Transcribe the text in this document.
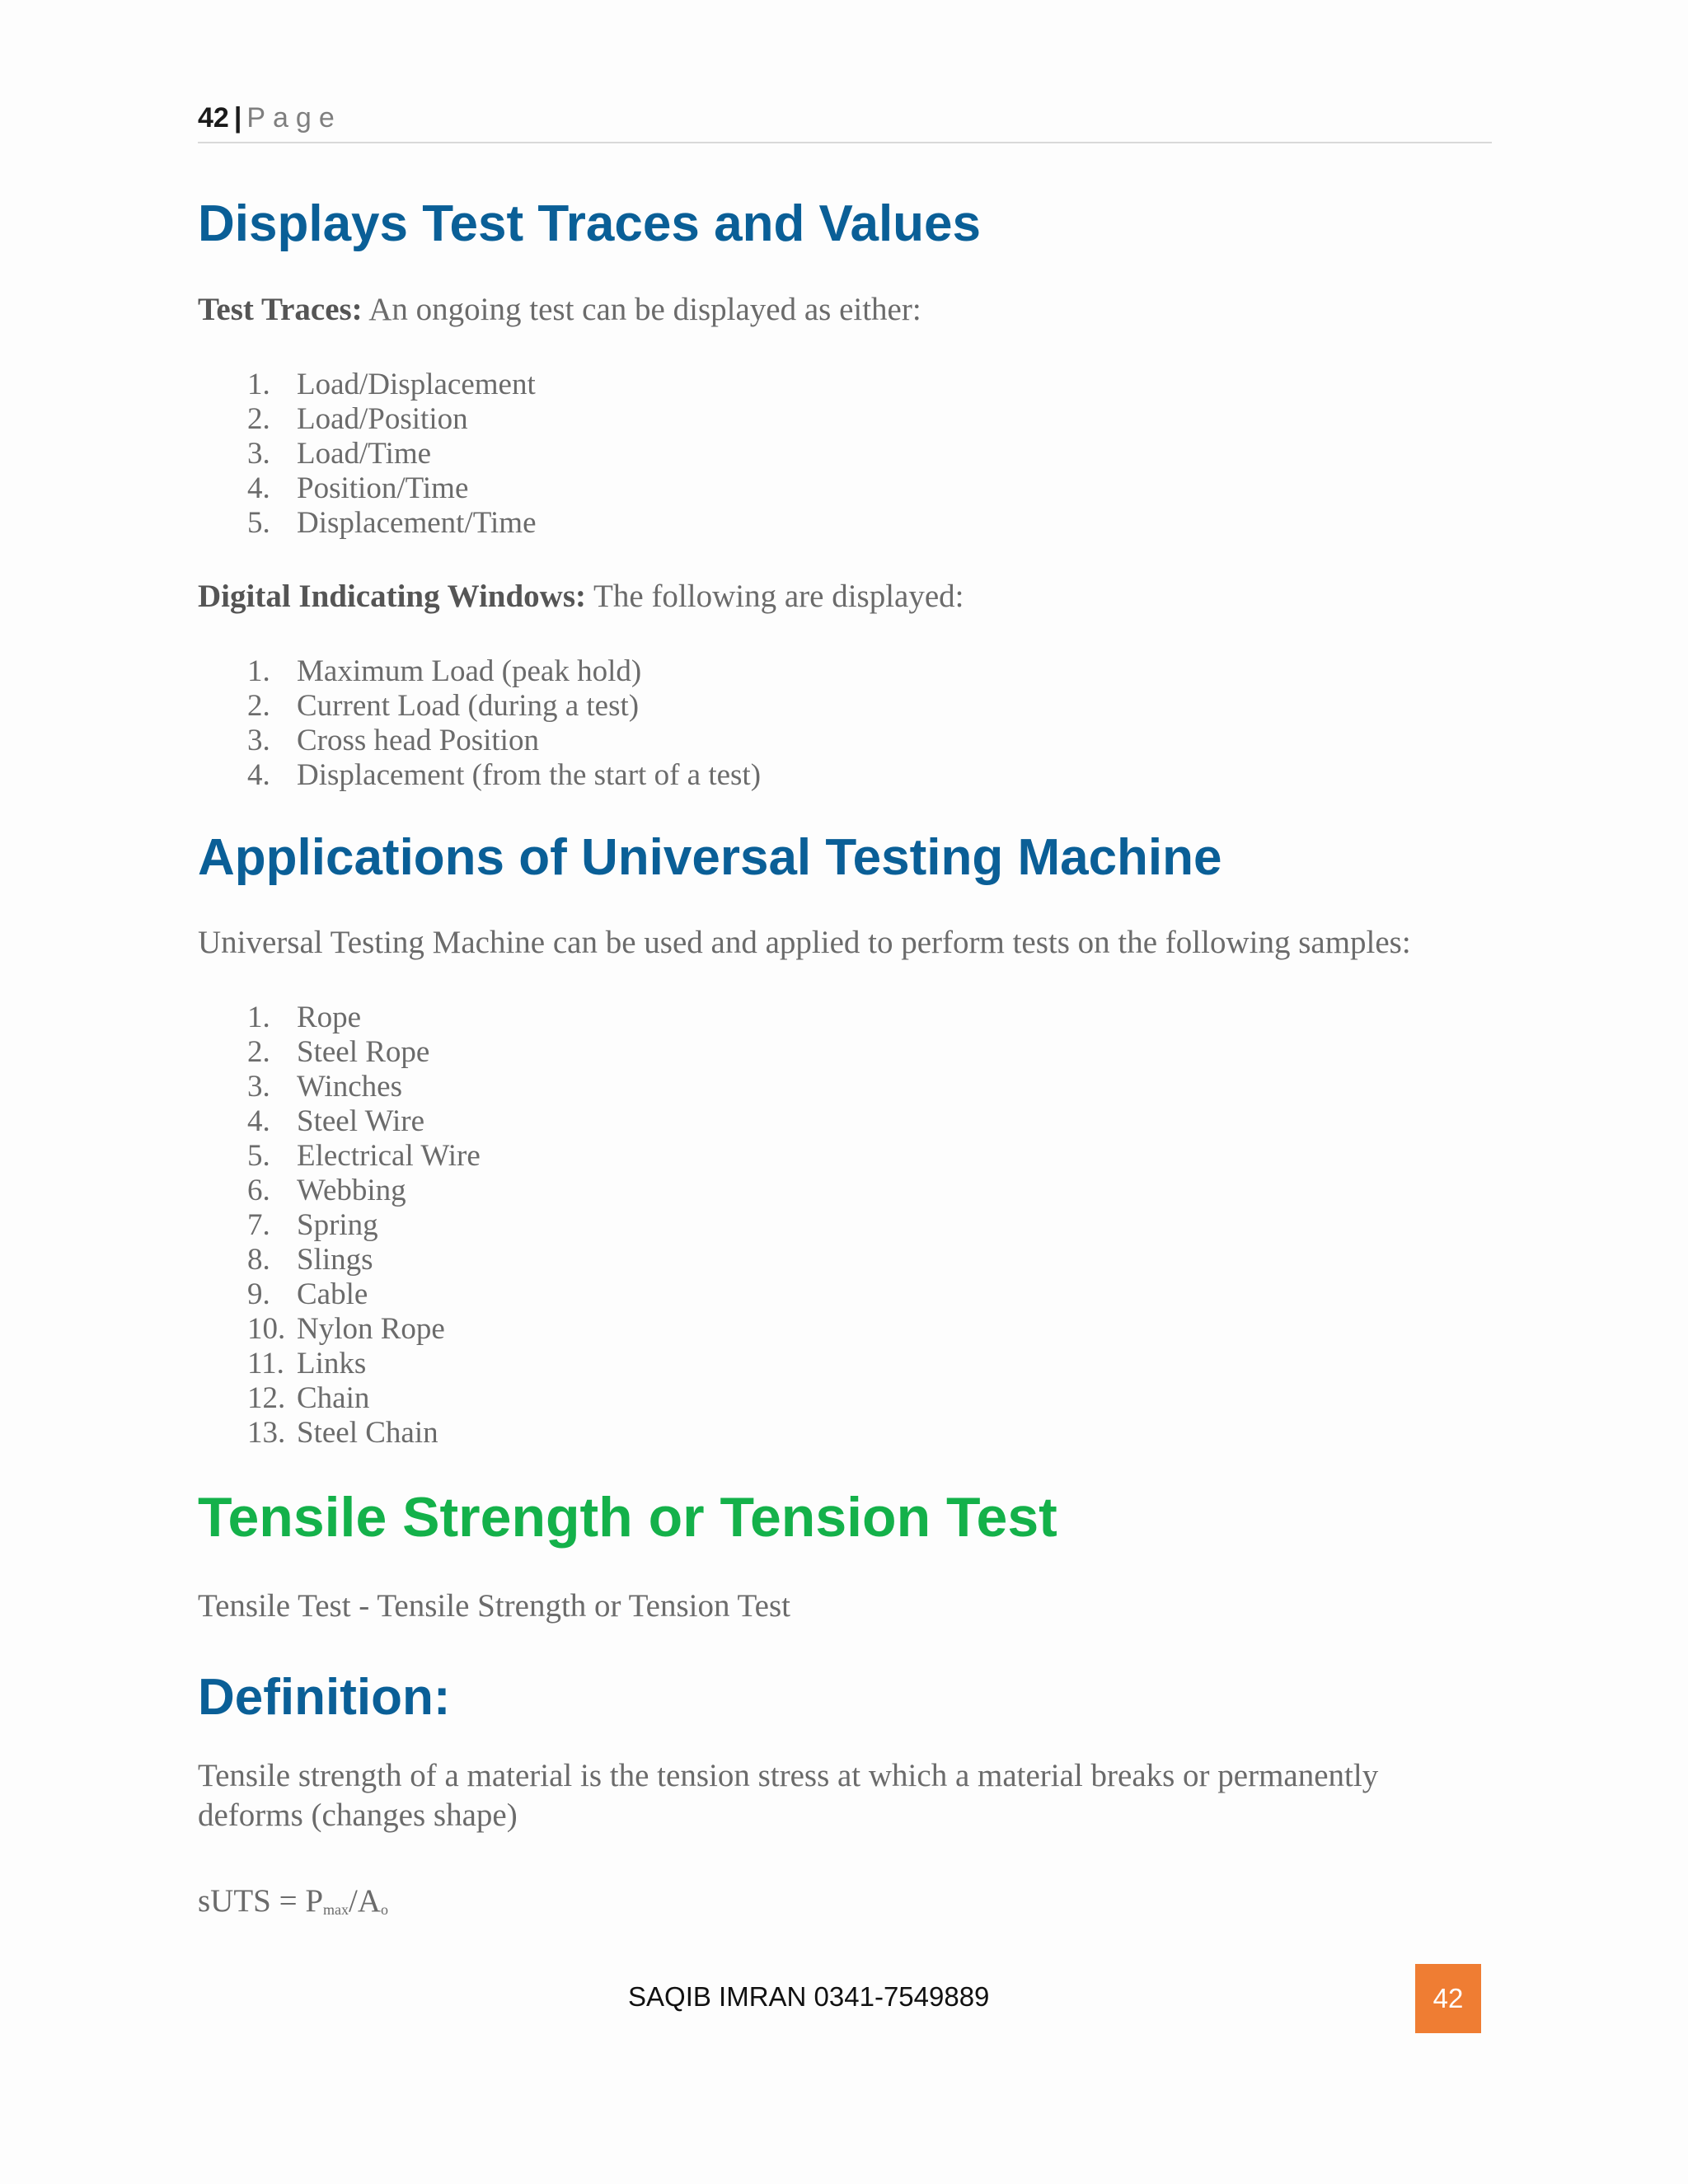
42 | Page
Displays Test Traces and Values

Test Traces: An ongoing test can be displayed as either:

1. Load/Displacement
2. Load/Position
3. Load/Time
4. Position/Time
5. Displacement/Time

Digital Indicating Windows: The following are displayed:

1. Maximum Load (peak hold)
2. Current Load (during a test)
3. Cross head Position
4. Displacement (from the start of a test)
Applications of Universal Testing Machine

Universal Testing Machine can be used and applied to perform tests on the following samples:

1. Rope
2. Steel Rope
3. Winches
4. Steel Wire
5. Electrical Wire
6. Webbing
7. Spring
8. Slings
9. Cable
10. Nylon Rope
11. Links
12. Chain
13. Steel Chain
Tensile Strength or Tension Test

Tensile Test - Tensile Strength or Tension Test

Definition:

Tensile strength of a material is the tension stress at which a material breaks or permanently deforms (changes shape)

sUTS = $P_{max}/A_o$
SAQIB IMRAN 0341-7549889	42
